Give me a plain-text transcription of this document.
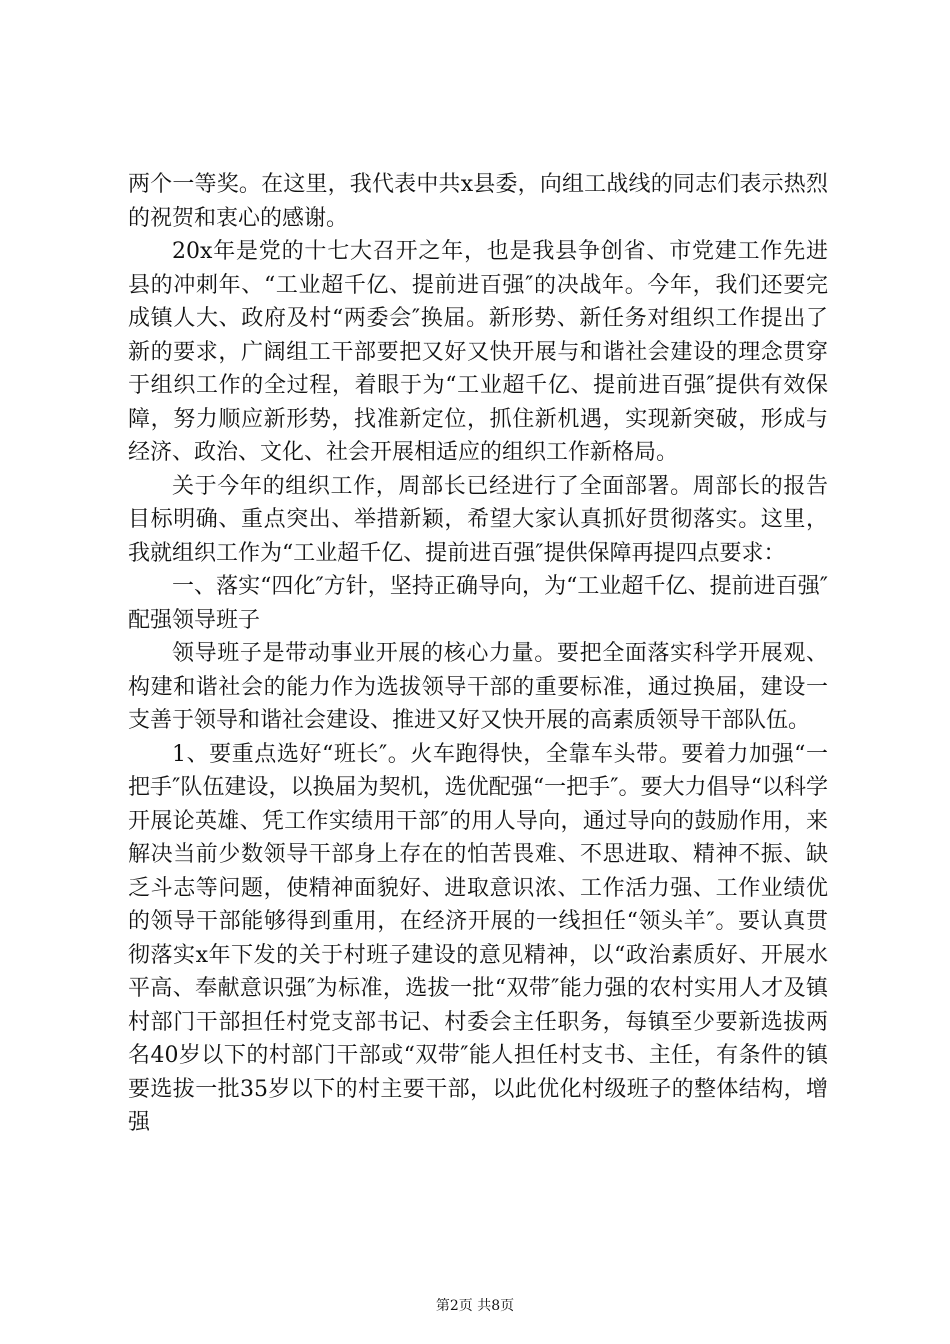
两个一等奖。在这里，我代表中共x县委，向组工战线的同志们表示热烈的祝贺和衷心的感谢。

20x年是党的十七大召开之年，也是我县争创省、市党建工作先进县的冲刺年、“工业超千亿、提前进百强″的决战年。今年，我们还要完成镇人大、政府及村“两委会″换届。新形势、新任务对组织工作提出了新的要求，广阔组工干部要把又好又快开展与和谐社会建设的理念贯穿于组织工作的全过程，着眼于为“工业超千亿、提前进百强″提供有效保障，努力顺应新形势，找准新定位，抓住新机遇，实现新突破，形成与经济、政治、文化、社会开展相适应的组织工作新格局。

关于今年的组织工作，周部长已经进行了全面部署。周部长的报告目标明确、重点突出、举措新颖，希望大家认真抓好贯彻落实。这里，我就组织工作为“工业超千亿、提前进百强″提供保障再提四点要求：

一、落实“四化″方针，坚持正确导向，为“工业超千亿、提前进百强″配强领导班子

领导班子是带动事业开展的核心力量。要把全面落实科学开展观、构建和谐社会的能力作为选拔领导干部的重要标准，通过换届，建设一支善于领导和谐社会建设、推进又好又快开展的高素质领导干部队伍。

1、要重点选好“班长″。火车跑得快，全靠车头带。要着力加强“一把手″队伍建设，以换届为契机，选优配强“一把手″。要大力倡导“以科学开展论英雄、凭工作实绩用干部″的用人导向，通过导向的鼓励作用，来解决当前少数领导干部身上存在的怕苦畏难、不思进取、精神不振、缺乏斗志等问题，使精神面貌好、进取意识浓、工作活力强、工作业绩优的领导干部能够得到重用，在经济开展的一线担任“领头羊″。要认真贯彻落实x年下发的关于村班子建设的意见精神，以“政治素质好、开展水平高、奉献意识强″为标准，选拔一批“双带″能力强的农村实用人才及镇村部门干部担任村党支部书记、村委会主任职务，每镇至少要新选拔两名40岁以下的村部门干部或“双带″能人担任村支书、主任，有条件的镇要选拔一批35岁以下的村主要干部，以此优化村级班子的整体结构，增强

第2页 共8页
